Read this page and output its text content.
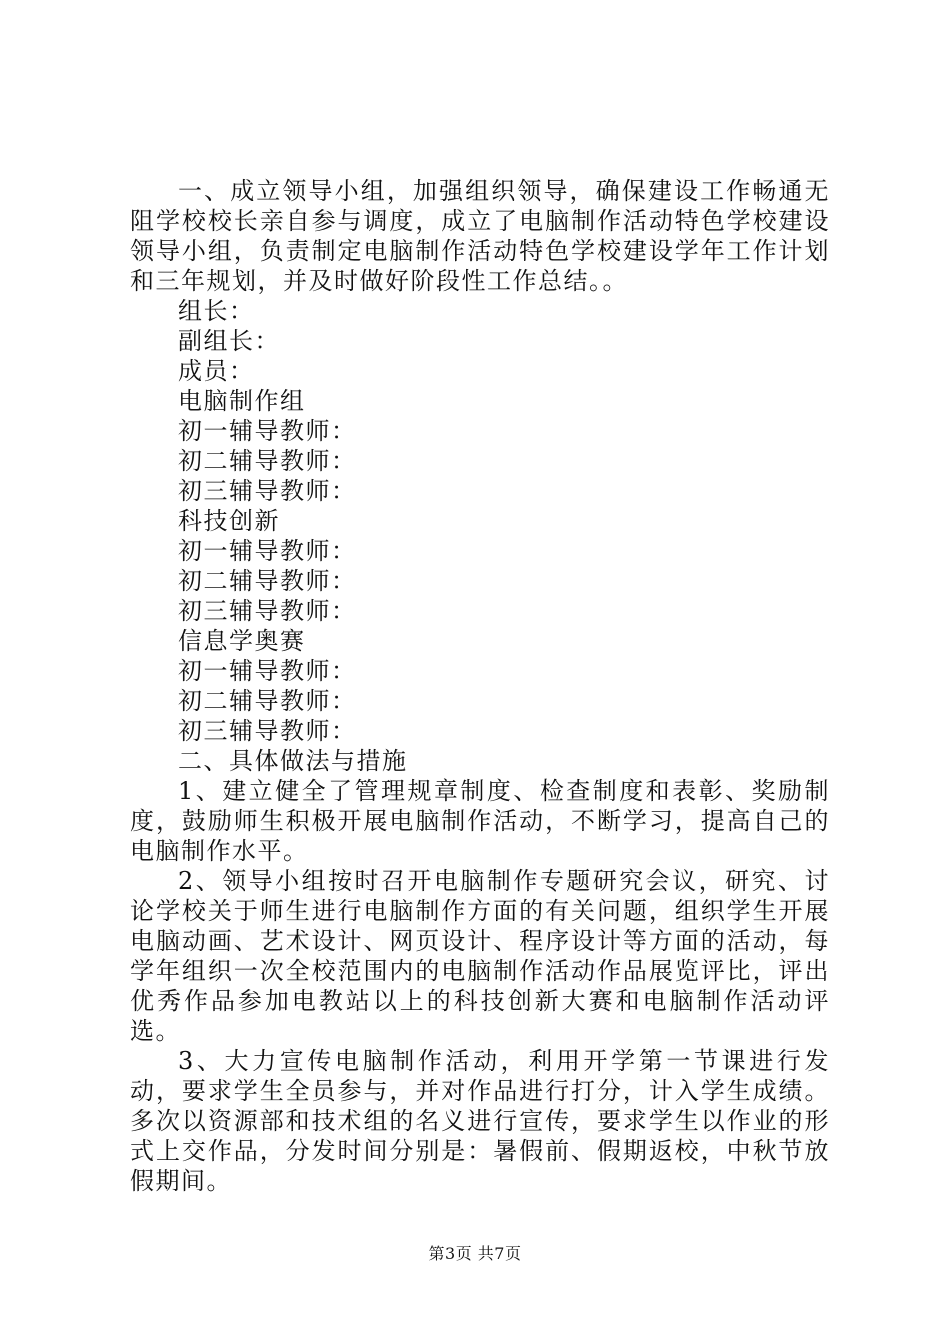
一、成立领导小组，加强组织领导，确保建设工作畅通无阻学校校长亲自参与调度，成立了电脑制作活动特色学校建设领导小组，负责制定电脑制作活动特色学校建设学年工作计划和三年规划，并及时做好阶段性工作总结。。

组长：

副组长：

成员：

电脑制作组

初一辅导教师：

初二辅导教师：

初三辅导教师：

科技创新

初一辅导教师：

初二辅导教师：

初三辅导教师：

信息学奥赛

初一辅导教师：

初二辅导教师：

初三辅导教师：

二、具体做法与措施

1、建立健全了管理规章制度、检查制度和表彰、奖励制度，鼓励师生积极开展电脑制作活动，不断学习，提高自己的电脑制作水平。

2、领导小组按时召开电脑制作专题研究会议，研究、讨论学校关于师生进行电脑制作方面的有关问题，组织学生开展电脑动画、艺术设计、网页设计、程序设计等方面的活动，每学年组织一次全校范围内的电脑制作活动作品展览评比，评出优秀作品参加电教站以上的科技创新大赛和电脑制作活动评选。

3、大力宣传电脑制作活动，利用开学第一节课进行发动，要求学生全员参与，并对作品进行打分，计入学生成绩。多次以资源部和技术组的名义进行宣传，要求学生以作业的形式上交作品，分发时间分别是：暑假前、假期返校，中秋节放假期间。

第3页 共7页
